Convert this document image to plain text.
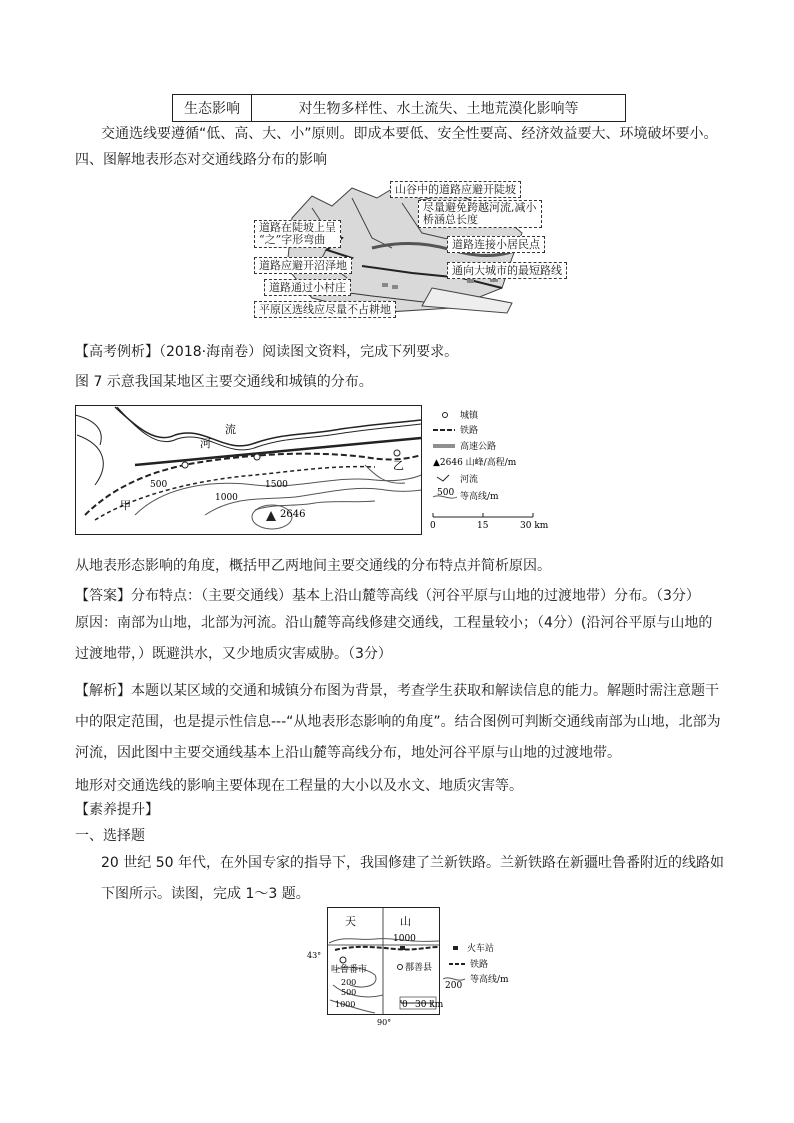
生态影响	对生物多样性、水土流失、土地荒漠化影响等
交通选线要遵循“低、高、大、小”原则。即成本要低、安全性要高、经济效益要大、环境破坏要小。
四、图解地表形态对交通线路分布的影响
山谷中的道路应避开陡坡
尽量避免跨越河流,减小
桥涵总长度
道路在陡坡上呈
“之”字形弯曲	道路连接小居民点
道路应避开沼泽地	通向大城市的最短路线
道路通过小村庄
平原区选线应尽量不占耕地
【高考例析】（2018·海南卷）阅读图文资料，完成下列要求。
图 7 示意我国某地区主要交通线和城镇的分布。
河
流
甲
乙
500
1000
1500
2646
城镇
铁路
高速公路
▲2646 山峰/高程/m
河流
500 等高线/m
0	15	30 km
从地表形态影响的角度，概括甲乙两地间主要交通线的分布特点并简析原因。
【答案】分布特点：（主要交通线）基本上沿山麓等高线（河谷平原与山地的过渡地带）分布。（3分）
原因：南部为山地，北部为河流。沿山麓等高线修建交通线，工程量较小；（4分）(沿河谷平原与山地的过渡地带，）既避洪水，又少地质灾害威胁。（3分）
【解析】本题以某区域的交通和城镇分布图为背景，考查学生获取和解读信息的能力。解题时需注意题干中的限定范围，也是提示性信息---“从地表形态影响的角度”。结合图例可判断交通线南部为山地，北部为河流，因此图中主要交通线基本上沿山麓等高线分布，地处河谷平原与山地的过渡地带。
地形对交通选线的影响主要体现在工程量的大小以及水文、地质灾害等。
【素养提升】
一、选择题
20 世纪 50 年代，在外国专家的指导下，我国修建了兰新铁路。兰新铁路在新疆吐鲁番附近的线路如下图所示。读图，完成 1～3 题。
天	山
1000
43°
90°
吐鲁番市	鄯善县
200
500
1000	0 30 km
火车站
铁路
200
等高线/m
